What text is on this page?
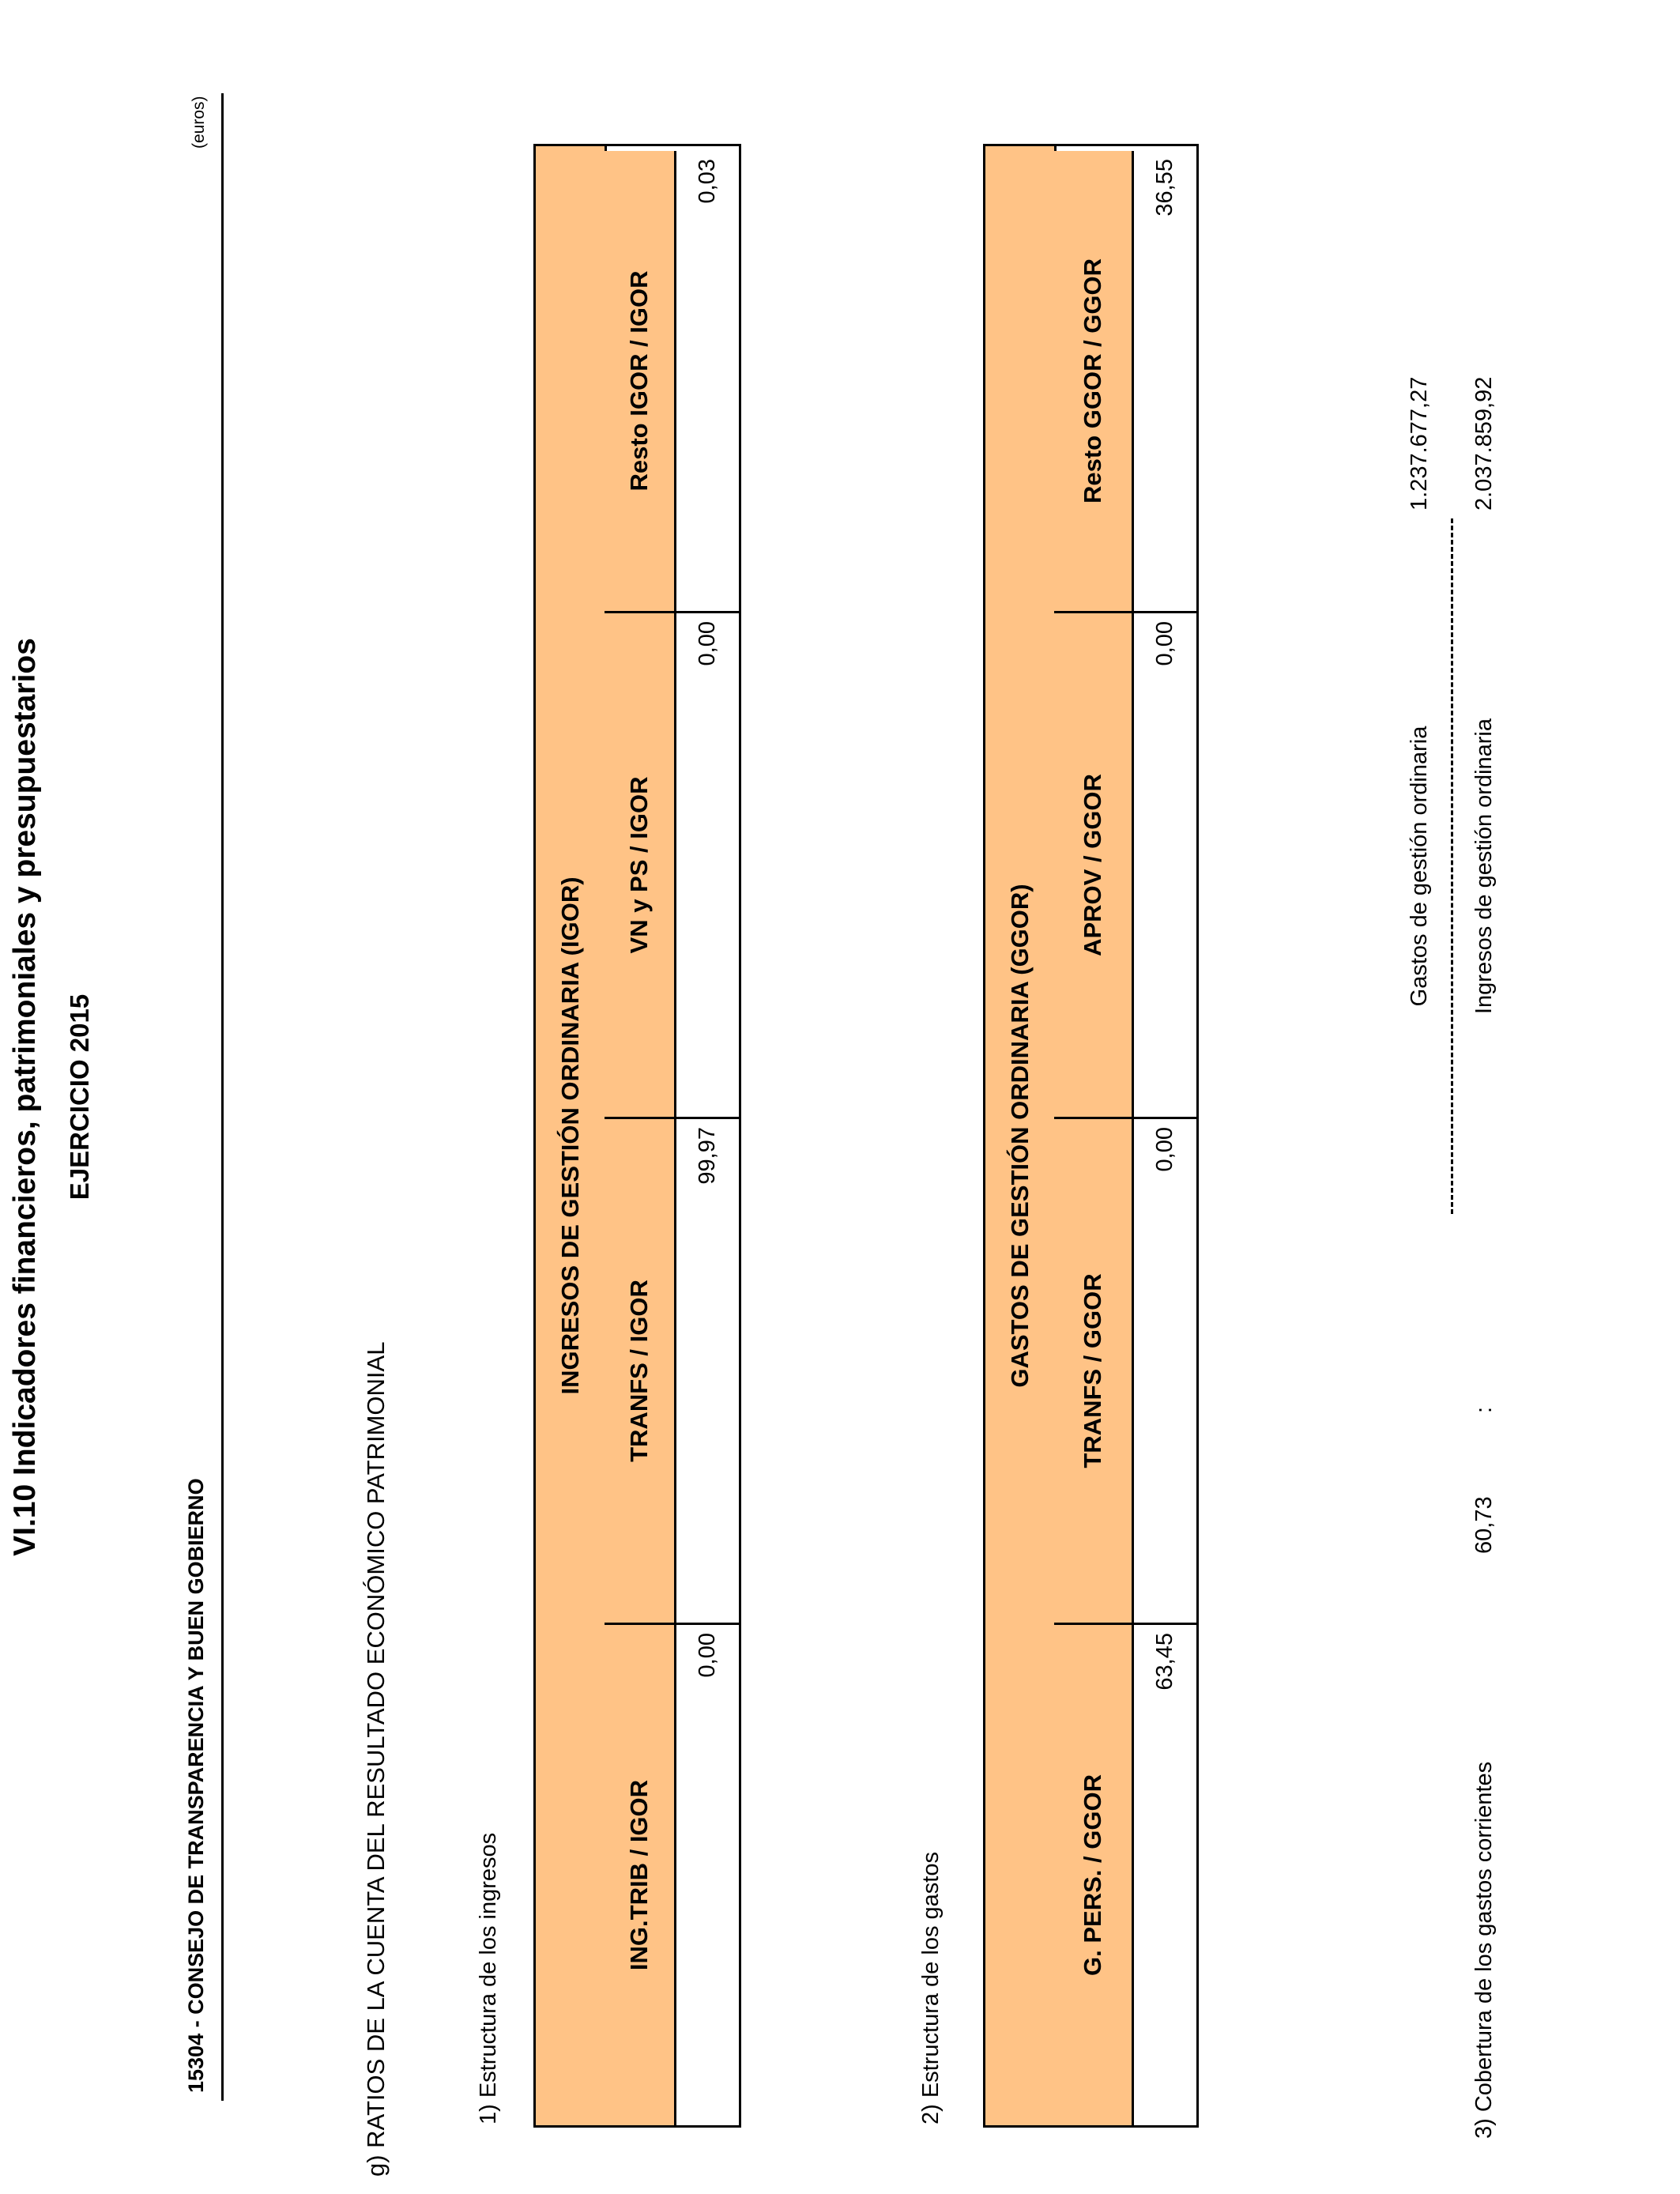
VI.10 Indicadores financieros, patrimoniales y presupuestarios EJERCICIO 2015
15304 - CONSEJO DE TRANSPARENCIA Y BUEN GOBIERNO
(euros)
g) RATIOS DE LA CUENTA DEL RESULTADO ECONÓMICO PATRIMONIAL	1) Estructura de los ingresos
INGRESOS DE GESTIÓN ORDINARIA (IGOR)
ING.TRIB / IGOR
0,00
TRANFS / IGOR
99,97
VN y PS / IGOR
0,00
Resto IGOR / IGOR
0,03
2) Estructura de los gastos
GASTOS DE GESTIÓN ORDINARIA (GGOR)
G. PERS. / GGOR
63,45
TRANFS / GGOR
0,00
APROV / GGOR
0,00
Resto GGOR / GGOR
36,55
3) Cobertura de los gastos corrientes
60,73
:
Gastos de gestión ordinaria Ingresos de gestión ordinaria
1.237.677,27 2.037.859,92
